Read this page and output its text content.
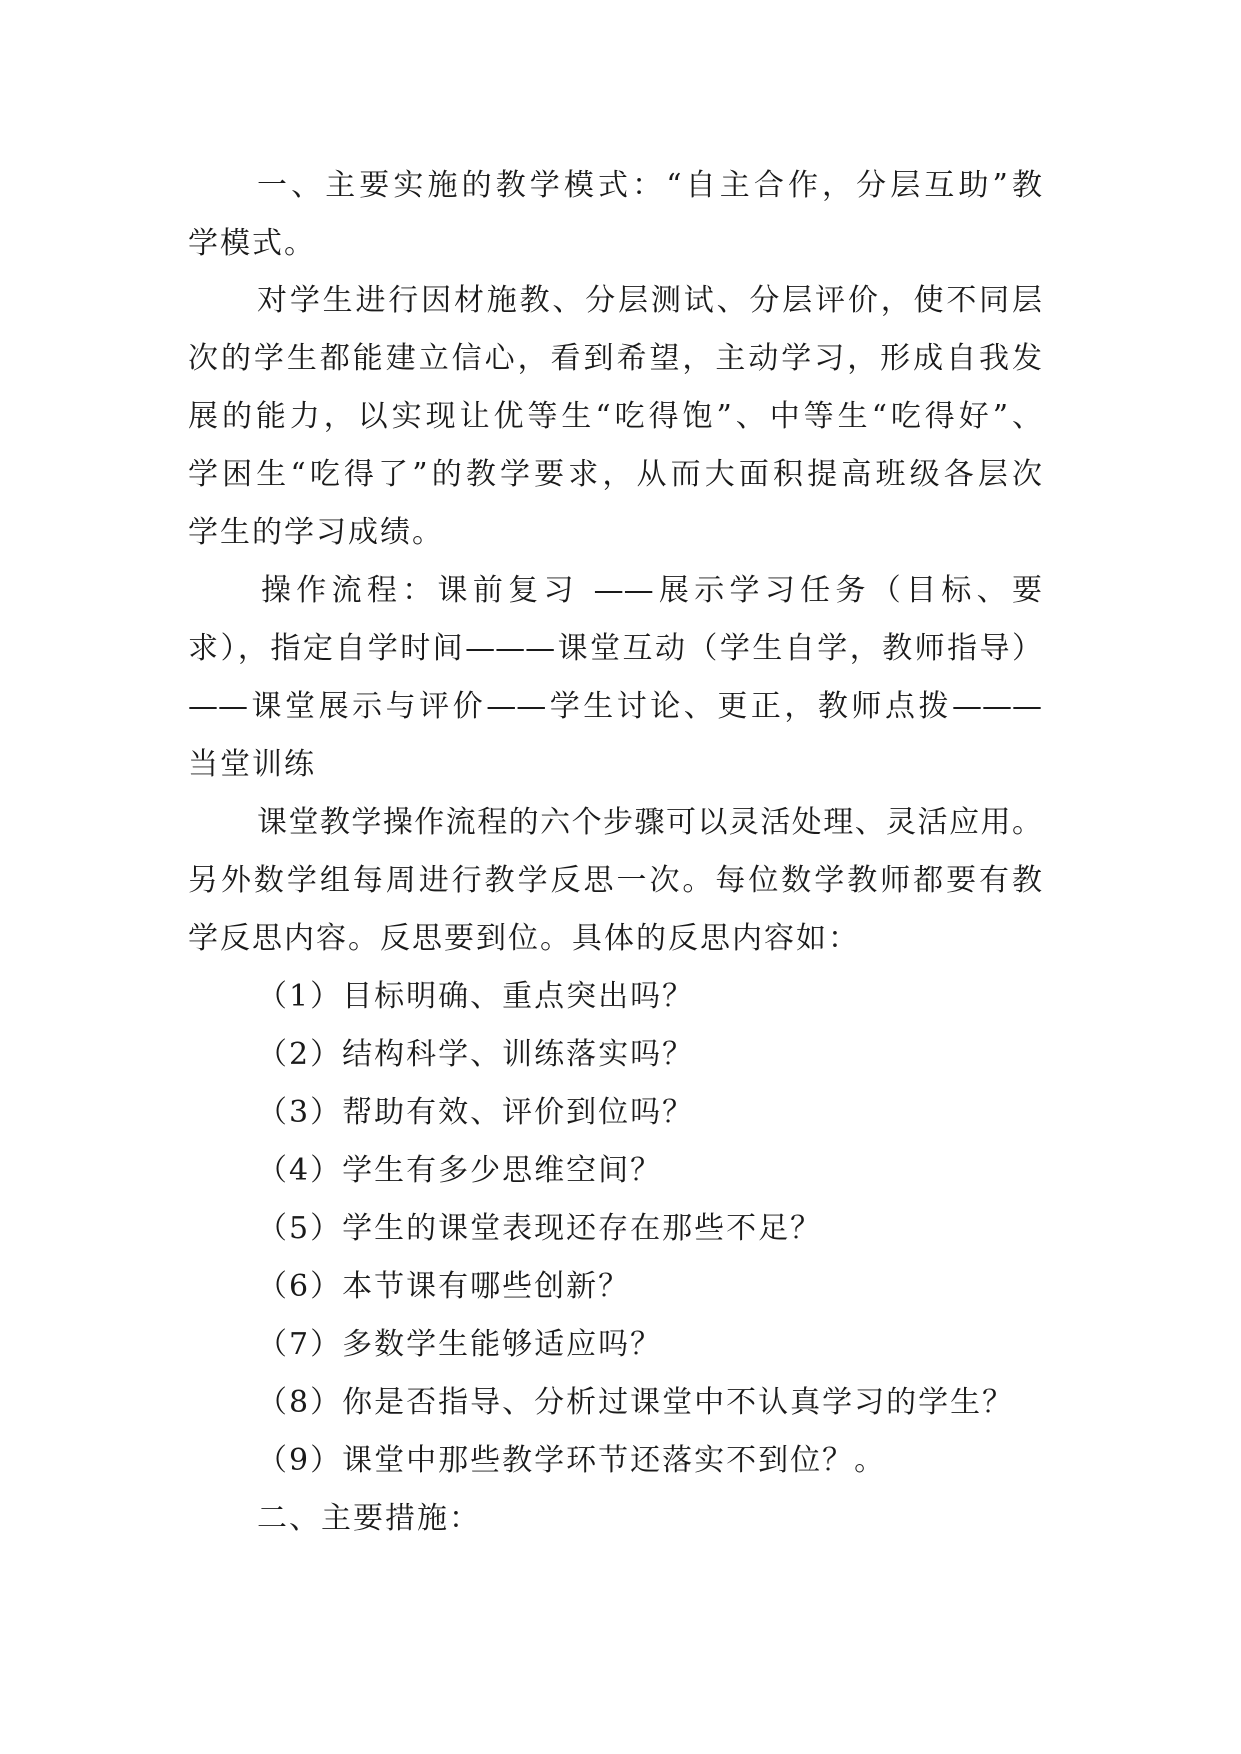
一、主要实施的教学模式：“自主合作，分层互助”教
学模式。
对学生进行因材施教、分层测试、分层评价，使不同层
次的学生都能建立信心，看到希望，主动学习，形成自我发
展的能力，以实现让优等生“吃得饱”、中等生“吃得好”、
学困生“吃得了”的教学要求，从而大面积提高班级各层次
学生的学习成绩。
操作流程：课前复习 ——展示学习任务（目标、要
求），指定自学时间———课堂互动（学生自学，教师指导）
——课堂展示与评价——学生讨论、更正，教师点拨———
当堂训练
课堂教学操作流程的六个步骤可以灵活处理、灵活应用。
另外数学组每周进行教学反思一次。每位数学教师都要有教
学反思内容。反思要到位。具体的反思内容如：
（1）目标明确、重点突出吗？
（2）结构科学、训练落实吗？
（3）帮助有效、评价到位吗？
（4）学生有多少思维空间？
（5）学生的课堂表现还存在那些不足？
（6）本节课有哪些创新？
（7）多数学生能够适应吗？
（8）你是否指导、分析过课堂中不认真学习的学生？
（9）课堂中那些教学环节还落实不到位？。
二、主要措施：
